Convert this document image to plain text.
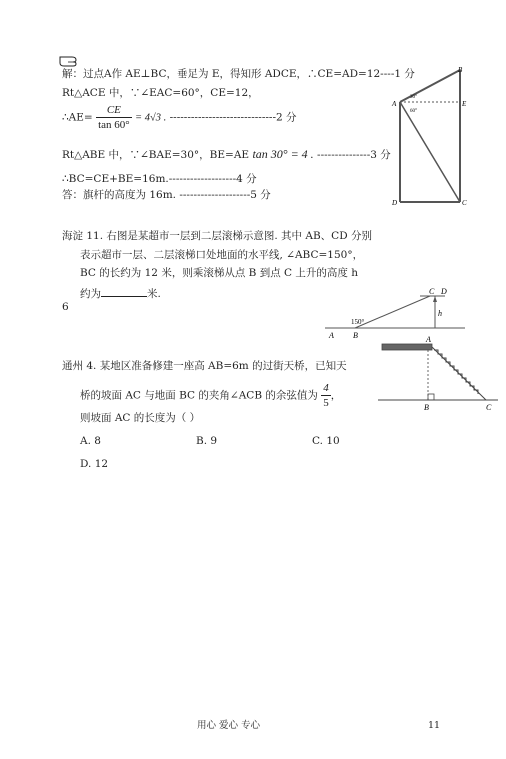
解：过点A作 AE⊥BC，垂足为 E，得知形 ADCE，∴CE=AD=12----1 分
Rt△ACE 中，∵∠EAC=60°，CE=12，
∴AE= $\frac{CE}{\tan 60^\circ} = 4√3$ . ------------------------------2 分
Rt△ABE 中，∵∠BAE=30°，BE=AE tan 30° = 4 . ---------------3 分
∴BC=CE+BE=16m.-------------------4 分
答：旗杆的高度为 16m. --------------------5 分
B
A	E
D	C
30°
60°
海淀 11. 右图是某超市一层到二层滚梯示意图. 其中 AB、CD 分别
表示超市一层、二层滚梯口处地面的水平线, ∠ABC=150°，
BC 的长约为 12 米，则乘滚梯从点 B 到点 C 上升的高度 h
约为	米.
6
C D
A B
h
150°
通州 4. 某地区准备修建一座高 AB=6m 的过街天桥，已知天
桥的坡面 AC 与地面 BC 的夹角∠ACB 的余弦值为 $\frac{4}{5}$ ，
则坡面 AC 的长度为（ ）
A. 8	B. 9	C. 10
D. 12
A
B	C
用心 爱心 专心	11
